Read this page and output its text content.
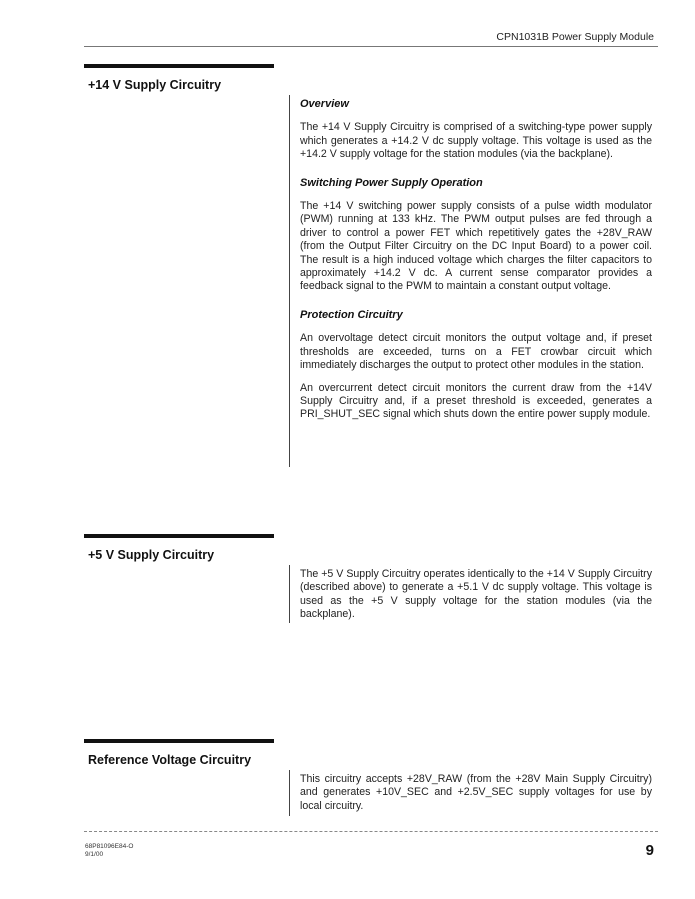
CPN1031B Power Supply Module
+14 V Supply Circuitry
Overview

The +14 V Supply Circuitry is comprised of a switching-type power supply which generates a +14.2 V dc supply voltage. This voltage is used as the +14.2 V supply voltage for the station modules (via the backplane).

Switching Power Supply Operation

The +14 V switching power supply consists of a pulse width modulator (PWM) running at 133 kHz. The PWM output pulses are fed through a driver to control a power FET which repetitively gates the +28V_RAW (from the Output Filter Circuitry on the DC Input Board) to a power coil. The result is a high induced voltage which charges the filter capacitors to approximately +14.2 V dc. A current sense comparator provides a feedback signal to the PWM to maintain a constant output voltage.

Protection Circuitry

An overvoltage detect circuit monitors the output voltage and, if preset thresholds are exceeded, turns on a FET crowbar circuit which immediately discharges the output to protect other modules in the station.

An overcurrent detect circuit monitors the current draw from the +14V Supply Circuitry and, if a preset threshold is exceeded, generates a PRI_SHUT_SEC signal which shuts down the entire power supply module.

+5 V Supply Circuitry

The +5 V Supply Circuitry operates identically to the +14 V Supply Circuitry (described above) to generate a +5.1 V dc supply voltage. This voltage is used as the +5 V supply voltage for the station modules (via the backplane).

Reference Voltage Circuitry

This circuitry accepts +28V_RAW (from the +28V Main Supply Circuitry) and generates +10V_SEC and +2.5V_SEC supply voltages for use by local circuitry.

68P81096E84-O
9/1/00	9
